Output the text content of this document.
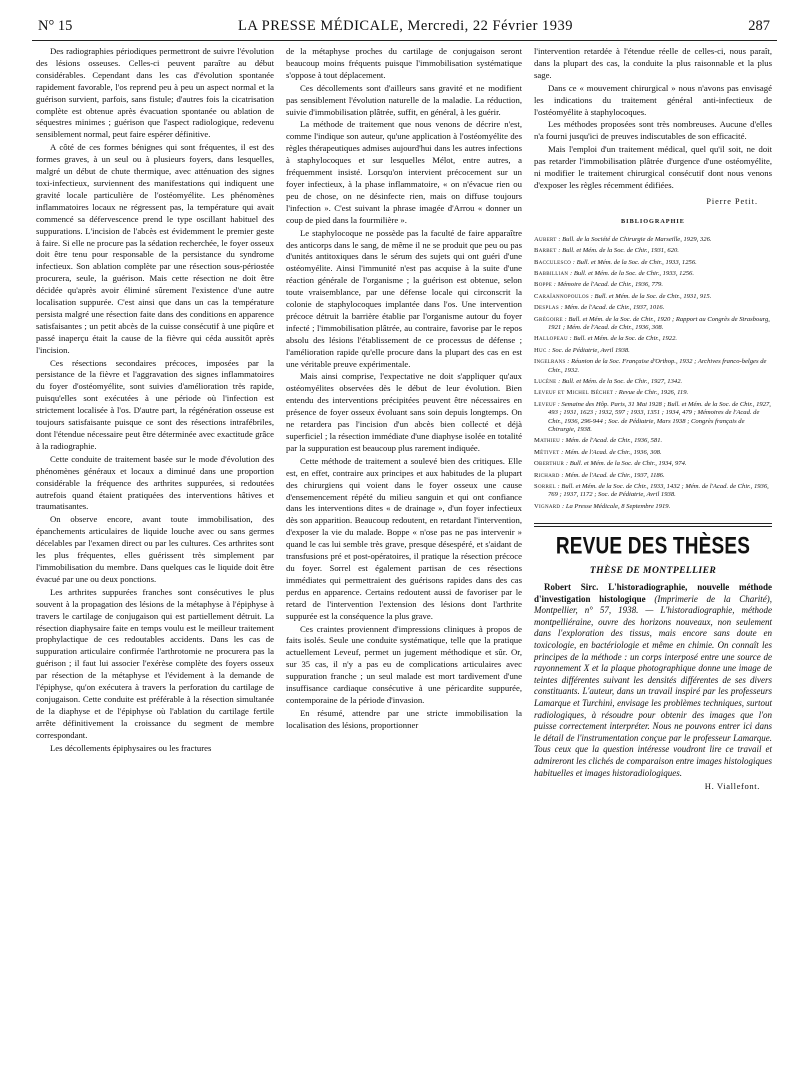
N° 15	LA PRESSE MÉDICALE, Mercredi, 22 Février 1939	287

Des radiographies périodiques permettront de suivre l'évolution des lésions osseuses. Celles-ci peuvent paraître au début considérables. Cependant dans les cas d'évolution spontanée rapidement favorable, l'os reprend peu à peu un aspect normal et la guérison survient, parfois, sans fistule; d'autres fois la cicatrisation complète est obtenue après évacuation spontanée ou ablation de séquestres minimes ; guérison que l'aspect radiologique, redevenu sensiblement normal, peut faire espérer définitive.

A côté de ces formes bénignes qui sont fréquentes, il est des formes graves, à un seul ou à plusieurs foyers, dans lesquelles, malgré un début de chute thermique, avec atténuation des signes toxi-infectieux, surviennent des manifestations qui indiquent une gravité locale particulière de l'ostéomyélite. Les phénomènes inflammatoires locaux ne régressent pas, la température qui avait commencé sa défervescence prend le type oscillant habituel des suppurations. L'incision de l'abcès est évidemment le premier geste à faire. Si elle ne procure pas la sédation recherchée, le foyer osseux doit être tenu pour responsable de la persistance du syndrome infectieux. Son ablation complète par une résection sous-périostée procurera, seule, la guérison. Mais cette résection ne doit être décidée qu'après avoir éliminé sûrement l'existence d'une autre localisation suppurée. C'est ainsi que dans un cas la température persista malgré une résection faite dans des conditions en apparence satisfaisantes ; un petit abcès de la cuisse consécutif à une piqûre et passé inaperçu était la cause de la fièvre qui céda aussitôt après l'incision.

Ces résections secondaires précoces, imposées par la persistance de la fièvre et l'aggravation des signes inflammatoires du foyer d'ostéomyélite, sont suivies d'amélioration très rapide, puisqu'elles sont exécutées à une période où l'infection est strictement localisée à l'os. D'autre part, la régénération osseuse est toujours satisfaisante puisque ce sont des résections intrafébriles, dont l'étendue nécessaire peut être déterminée avec exactitude grâce à la radiographie.

Cette conduite de traitement basée sur le mode d'évolution des phénomènes généraux et locaux a diminué dans une proportion considérable la fréquence des arthrites suppurées, si redoutées autrefois quand étaient pratiquées des interventions hâtives et traumatisantes.

On observe encore, avant toute immobilisation, des épanchements articulaires de liquide louche avec ou sans germes décelables par l'examen direct ou par les cultures. Ces arthrites sont les plus fréquentes, elles guérissent très simplement par l'immobilisation du membre. Dans quelques cas le liquide doit être évacué par une ou deux ponctions.

Les arthrites suppurées franches sont consécutives le plus souvent à la propagation des lésions de la métaphyse à l'épiphyse à travers le cartilage de conjugaison qui est partiellement détruit. La résection diaphysaire faite en temps voulu est le meilleur traitement prophylactique de ces redoutables accidents. Dans les cas de suppuration articulaire confirmée l'arthrotomie ne procurera pas la guérison ; il faut lui associer l'exérèse complète des foyers osseux par résection de la métaphyse et l'évidement à la demande de l'épiphyse, qu'on exécutera à travers la perforation du cartilage de conjugaison. Cette conduite est préférable à la résection simultanée de la diaphyse et de l'épiphyse où l'ablation du cartilage fertile arrête définitivement la croissance du segment de membre correspondant.

Les décollements épiphysaires ou les fractures

de la métaphyse proches du cartilage de conjugaison seront beaucoup moins fréquents puisque l'immobilisation systématique s'oppose à tout déplacement.

Ces décollements sont d'ailleurs sans gravité et ne modifient pas sensiblement l'évolution naturelle de la maladie. La réduction, suivie d'immobilisation plâtrée, suffit, en général, à les guérir.

La méthode de traitement que nous venons de décrire n'est, comme l'indique son auteur, qu'une application à l'ostéomyélite des règles thérapeutiques admises aujourd'hui dans les autres infections à staphylocoques et sur lesquelles Mélot, entre autres, a fréquemment insisté. Lorsqu'on intervient précocement sur un foyer infectieux, à la phase inflammatoire, « on n'évacue rien ou peu de chose, on ne désinfecte rien, mais on diffuse toujours l'infection ». C'est suivant la phrase imagée d'Arrou « donner un coup de pied dans la fourmilière ».

Le staphylocoque ne possède pas la faculté de faire apparaître des anticorps dans le sang, de même il ne se produit que peu ou pas d'unités antitoxiques dans le sérum des sujets qui ont guéri d'une ostéomyélite. Ainsi l'immunité n'est pas acquise à la suite d'une réaction générale de l'organisme ; la guérison est obtenue, selon toute vraisemblance, par une défense locale qui circonscrit la colonie de staphylocoques implantée dans l'os. Une intervention précoce détruit la barrière établie par l'organisme autour du foyer infecté ; l'immobilisation plâtrée, au contraire, favorise par le repos absolu des lésions l'établissement de ce processus de défense ; l'amélioration rapide qu'elle procure dans la plupart des cas en est une véritable preuve expérimentale.

Mais ainsi comprise, l'expectative ne doit s'appliquer qu'aux ostéomyélites observées dès le début de leur évolution. Bien entendu des interventions précipitées peuvent être nécessaires en présence de foyer osseux évoluant sans soin depuis longtemps. On ne retardera pas l'incision d'un abcès bien collecté et déjà superficiel ; la résection immédiate d'une diaphyse isolée en totalité par la suppuration est beaucoup plus rarement indiquée.

Cette méthode de traitement a soulevé bien des critiques. Elle est, en effet, contraire aux principes et aux habitudes de la plupart des chirurgiens qui voient dans le foyer osseux une cause d'ensemencement répété du milieu sanguin et qui ont confiance dans les interventions dites « de drainage », d'un foyer infectieux dès son apparition. Beaucoup redoutent, en retardant l'intervention, d'exposer la vie du malade. Boppe « n'ose pas ne pas intervenir » quand le cas lui semble très grave, presque désespéré, et s'aidant de transfusions pré et post-opératoires, il pratique la résection précoce du foyer. Sorrel est également partisan de ces résections immédiates qui permettraient des guérisons rapides dans des cas perdus en apparence. Certains redoutent aussi de favoriser par le retard de l'intervention l'extension des lésions dont l'arthrite suppurée est la conséquence la plus grave.

Ces craintes proviennent d'impressions cliniques à propos de faits isolés. Seule une conduite systématique, telle que la pratique actuellement Leveuf, permet un jugement méthodique et sûr. Or, sur 35 cas, il n'y a pas eu de complications articulaires avec suppuration franche ; un seul malade est mort tardivement d'une insuffisance cardiaque consécutive à une péricardite suppurée, contemporaine de la période d'invasion.

En résumé, attendre par une stricte immobilisation la localisation des lésions, proportionner

l'intervention retardée à l'étendue réelle de celles-ci, nous paraît, dans la plupart des cas, la conduite la plus raisonnable et la plus sage.

Dans ce « mouvement chirurgical » nous n'avons pas envisagé les indications du traitement général anti-infectieux de l'ostéomyélite à staphylocoques.

Les méthodes proposées sont très nombreuses. Aucune d'elles n'a fourni jusqu'ici de preuves indiscutables de son efficacité.

Mais l'emploi d'un traitement médical, quel qu'il soit, ne doit pas retarder l'immobilisation plâtrée d'urgence d'une ostéomyélite, ni modifier le traitement chirurgical consécutif dont nous venons d'exposer les règles récemment édifiées.

Pierre Petit.
BIBLIOGRAPHIE
Aubert : Bull. de la Société de Chirurgie de Marseille, 1929, 326.
Barbet : Bull. et Mém. de la Soc. de Chir., 1931, 620.
Bacculesco : Bull. et Mém. de la Soc. de Chir., 1933, 1256.
Babbillian : Bull. et Mém. de la Soc. de Chir., 1933, 1256.
Boppe : Mémoire de l'Acad. de Chir., 1936, 779.
Caraïannopoulos : Bull. et Mém. de la Soc. de Chir., 1931, 915.
Desplas : Mém. de l'Acad. de Chir., 1937, 1016.
Grégoire : Bull. et Mém. de la Soc. de Chir., 1920 ; Rapport au Congrès de Strasbourg, 1921 ; Mém. de l'Acad. de Chir., 1936, 308.
Hallopeau : Bull. et Mém. de la Soc. de Chir., 1922.
Huc : Soc. de Pédiatrie, Avril 1938.
Ingelrans : Réunion de la Soc. Française d'Orthop., 1932 ; Archives franco-belges de Chir., 1932.
Lucène : Bull. et Mém. de la Soc. de Chir., 1927, 1342.
Leveuf et Michel Béchet : Revue de Chir., 1926, 119.
Leveuf : Semaine des Hôp. Paris, 31 Mai 1928 ; Bull. et Mém. de la Soc. de Chir., 1927, 493 ; 1931, 1623 ; 1932, 597 ; 1933, 1351 ; 1934, 479 ; Mémoires de l'Acad. de Chir., 1936, 296-944 ; Soc. de Pédiatrie, Mars 1938 ; Congrès français de Chirurgie, 1938.
Mathieu : Mém. de l'Acad. de Chir., 1936, 581.
Métivet : Mém. de l'Acad. de Chir., 1936, 308.
Oberthur : Bull. et Mém. de la Soc. de Chir., 1934, 974.
Richard : Mém. de l'Acad. de Chir., 1937, 1186.
Sorrel : Bull. et Mém. de la Soc. de Chir., 1933, 1432 ; Mém. de l'Acad. de Chir., 1936, 769 ; 1937, 1172 ; Soc. de Pédiatrie, Avril 1938.
Vignard : La Presse Médicale, 8 Septembre 1919.
REVUE DES THÈSES
THÈSE DE MONTPELLIER

Robert Sirc. L'historadiographie, nouvelle méthode d'investigation histologique (Imprimerie de la Charité), Montpellier, n° 57, 1938. — L'historadiographie, méthode montpelliéraine, ouvre des horizons nouveaux, non seulement dans l'exploration des tissus, mais encore sans doute en toxicologie, en bactériologie et même en chimie. On connaît les principes de la méthode : un corps interposé entre une source de rayonnement X et la plaque photographique donne une image de teintes différentes suivant les densités différentes de ses divers constituants. L'auteur, dans un travail inspiré par les professeurs Lamarque et Turchini, envisage les problèmes techniques, surtout radiologiques, à résoudre pour obtenir des images que l'on puisse correctement interpréter. Nous ne pouvons entrer ici dans le détail de l'instrumentation conçue par le professeur Lamarque. Tous ceux que la question intéresse voudront lire ce travail et admireront les clichés de comparaison entre images histologiques habituelles et images historadiologiques.

H. Viallefont.
